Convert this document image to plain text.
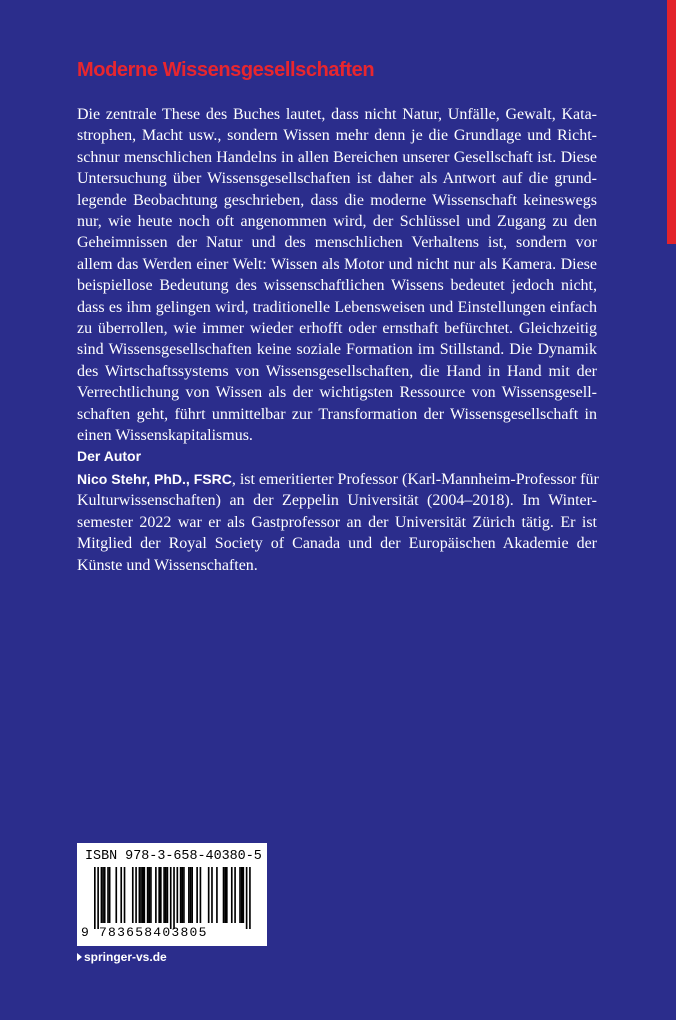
Moderne Wissensgesellschaften
Die zentrale These des Buches lautet, dass nicht Natur, Unfälle, Gewalt, Kata-
strophen, Macht usw., sondern Wissen mehr denn je die Grundlage und Richt-
schnur menschlichen Handelns in allen Bereichen unserer Gesellschaft ist. Diese
Untersuchung über Wissensgesellschaften ist daher als Antwort auf die grund-
legende Beobachtung geschrieben, dass die moderne Wissenschaft keineswegs
nur, wie heute noch oft angenommen wird, der Schlüssel und Zugang zu den
Geheimnissen der Natur und des menschlichen Verhaltens ist, sondern vor
allem das Werden einer Welt: Wissen als Motor und nicht nur als Kamera. Diese
beispiellose Bedeutung des wissenschaftlichen Wissens bedeutet jedoch nicht,
dass es ihm gelingen wird, traditionelle Lebensweisen und Einstellungen einfach
zu überrollen, wie immer wieder erhofft oder ernsthaft befürchtet. Gleichzeitig
sind Wissensgesellschaften keine soziale Formation im Stillstand. Die Dynamik
des Wirtschaftssystems von Wissensgesellschaften, die Hand in Hand mit der
Verrechtlichung von Wissen als der wichtigsten Ressource von Wissensgesell-
schaften geht, führt unmittelbar zur Transformation der Wissensgesellschaft in
einen Wissenskapitalismus.
Der Autor
Nico Stehr, PhD., FSRC, ist emeritierter Professor (Karl-Mannheim-Professor für
Kulturwissenschaften) an der Zeppelin Universität (2004–2018). Im Winter-
semester 2022 war er als Gastprofessor an der Universität Zürich tätig. Er ist
Mitglied der Royal Society of Canada und der Europäischen Akademie der
Künste und Wissenschaften.
ISBN 978-3-658-40380-5
9 783658403805
springer-vs.de
